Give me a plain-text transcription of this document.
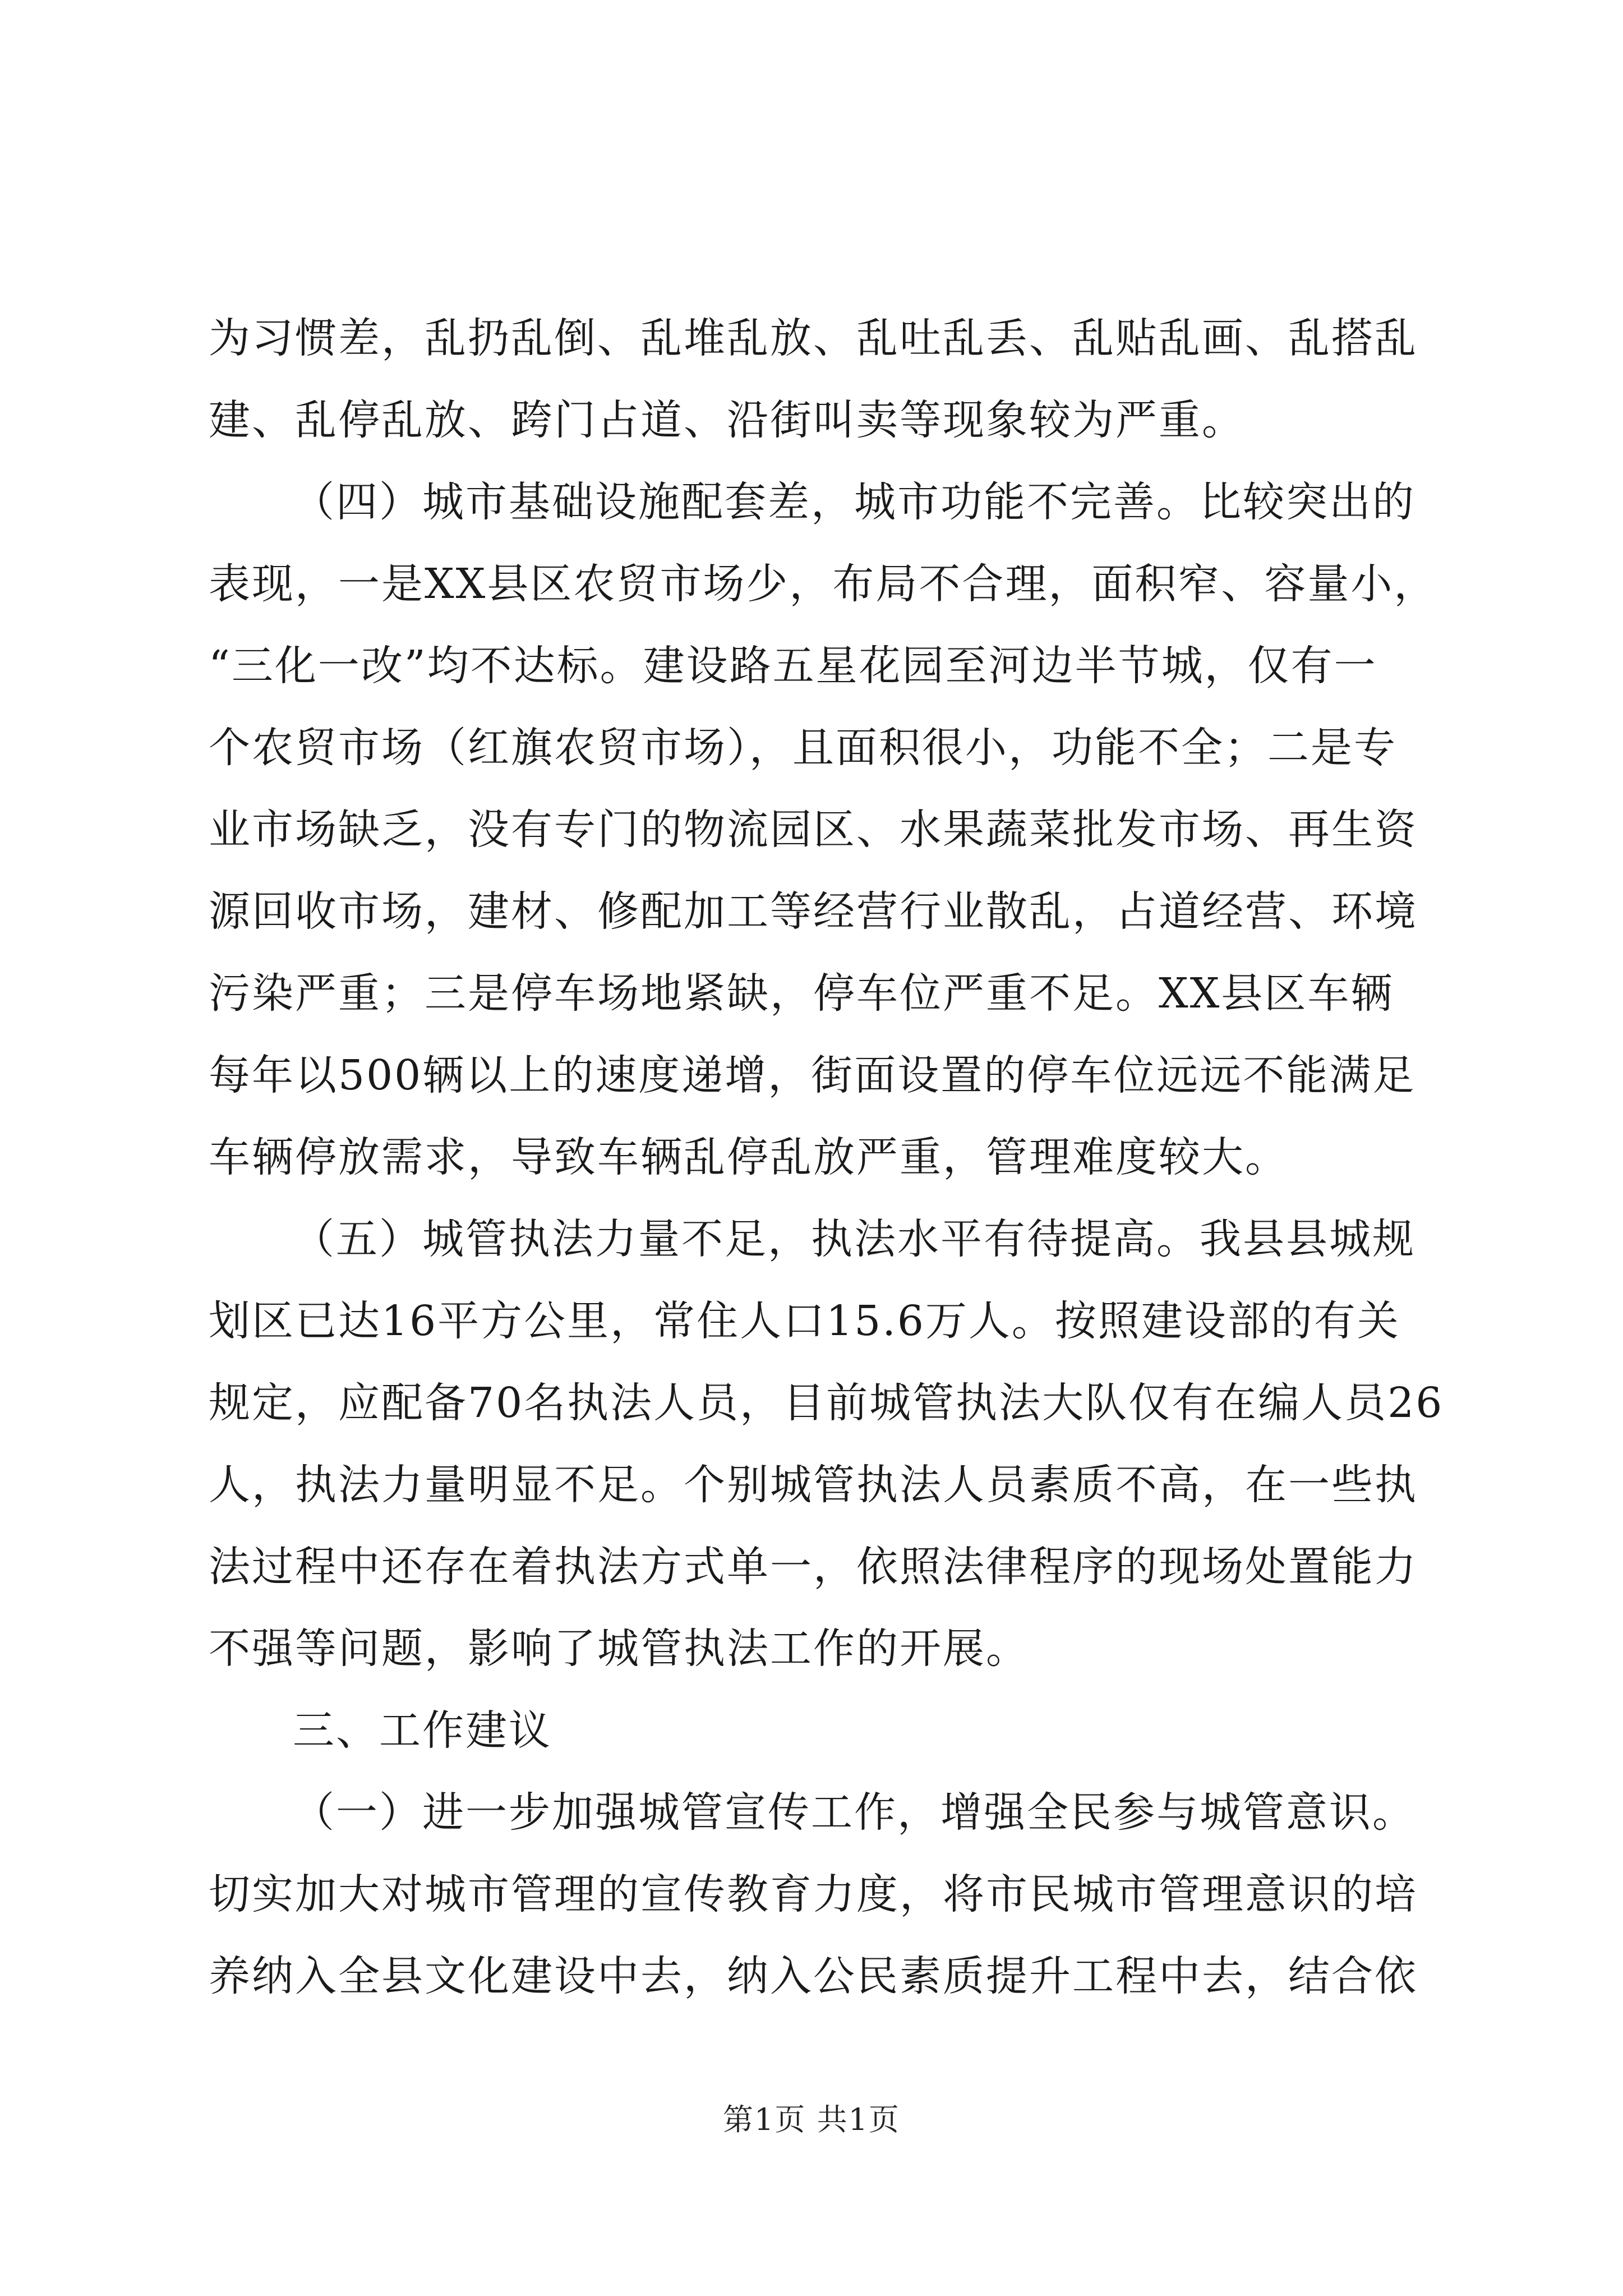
为习惯差，乱扔乱倒、乱堆乱放、乱吐乱丢、乱贴乱画、乱搭乱
建、乱停乱放、跨门占道、沿街叫卖等现象较为严重。
（四）城市基础设施配套差，城市功能不完善。比较突出的
表现，一是XX县区农贸市场少，布局不合理，面积窄、容量小，
“三化一改”均不达标。建设路五星花园至河边半节城，仅有一
个农贸市场（红旗农贸市场），且面积很小，功能不全；二是专
业市场缺乏，没有专门的物流园区、水果蔬菜批发市场、再生资
源回收市场，建材、修配加工等经营行业散乱，占道经营、环境
污染严重；三是停车场地紧缺，停车位严重不足。XX县区车辆
每年以500辆以上的速度递增，街面设置的停车位远远不能满足
车辆停放需求，导致车辆乱停乱放严重，管理难度较大。
（五）城管执法力量不足，执法水平有待提高。我县县城规
划区已达16平方公里，常住人口15.6万人。按照建设部的有关
规定，应配备70名执法人员，目前城管执法大队仅有在编人员26
人，执法力量明显不足。个别城管执法人员素质不高，在一些执
法过程中还存在着执法方式单一，依照法律程序的现场处置能力
不强等问题，影响了城管执法工作的开展。
三、工作建议
（一）进一步加强城管宣传工作，增强全民参与城管意识。
切实加大对城市管理的宣传教育力度，将市民城市管理意识的培
养纳入全县文化建设中去，纳入公民素质提升工程中去，结合依
第1页 共1页
